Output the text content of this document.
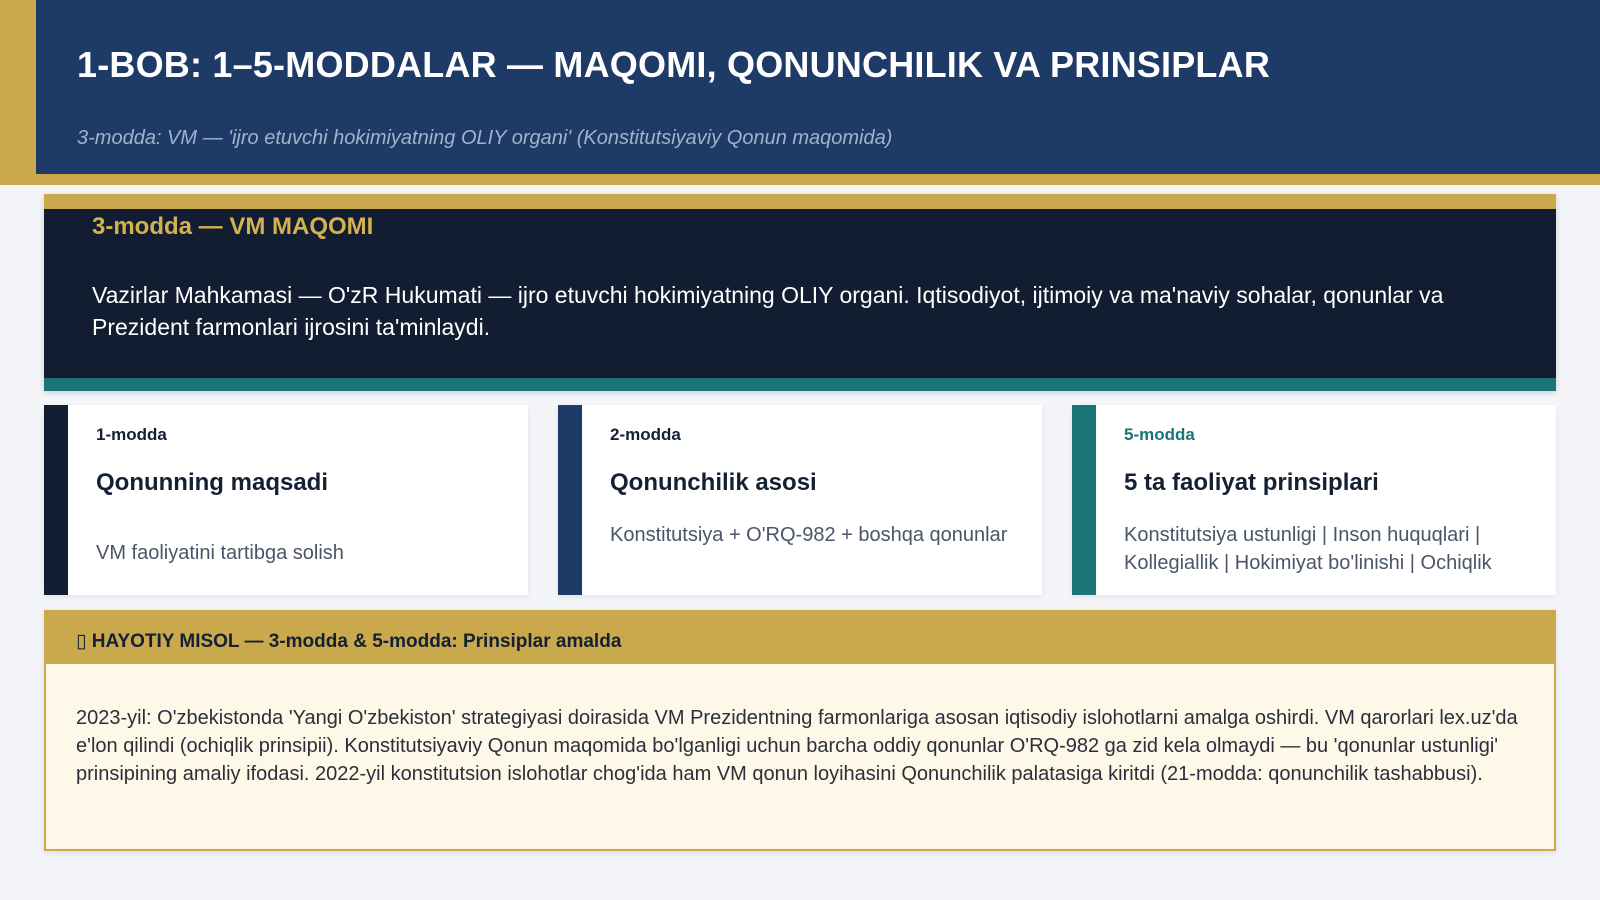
1-BOB: 1–5-MODDALAR — MAQOMI, QONUNCHILIK VA PRINSIPLAR
3-modda: VM — 'ijro etuvchi hokimiyatning OLIY organi' (Konstitutsiyaviy Qonun maqomida)
3-modda — VM MAQOMI
Vazirlar Mahkamasi — O'zR Hukumati — ijro etuvchi hokimiyatning OLIY organi. Iqtisodiyot, ijtimoiy va ma'naviy sohalar, qonunlar va Prezident farmonlari ijrosini ta'minlaydi.
1-modda
Qonunning maqsadi
VM faoliyatini tartibga solish
2-modda
Qonunchilik asosi
Konstitutsiya + O'RQ-982 + boshqa qonunlar
5-modda
5 ta faoliyat prinsiplari
Konstitutsiya ustunligi | Inson huquqlari | Kollegiallik | Hokimiyat bo'linishi | Ochiqlik
▯ HAYOTIY MISOL — 3-modda & 5-modda: Prinsiplar amalda
2023-yil: O'zbekistonda 'Yangi O'zbekiston' strategiyasi doirasida VM Prezidentning farmonlariga asosan iqtisodiy islohotlarni amalga oshirdi. VM qarorlari lex.uz'da e'lon qilindi (ochiqlik prinsipii). Konstitutsiyaviy Qonun maqomida bo'lganligi uchun barcha oddiy qonunlar O'RQ-982 ga zid kela olmaydi — bu 'qonunlar ustunligi' prinsipining amaliy ifodasi. 2022-yil konstitutsion islohotlar chog'ida ham VM qonun loyihasini Qonunchilik palatasiga kiritdi (21-modda: qonunchilik tashabbusi).
